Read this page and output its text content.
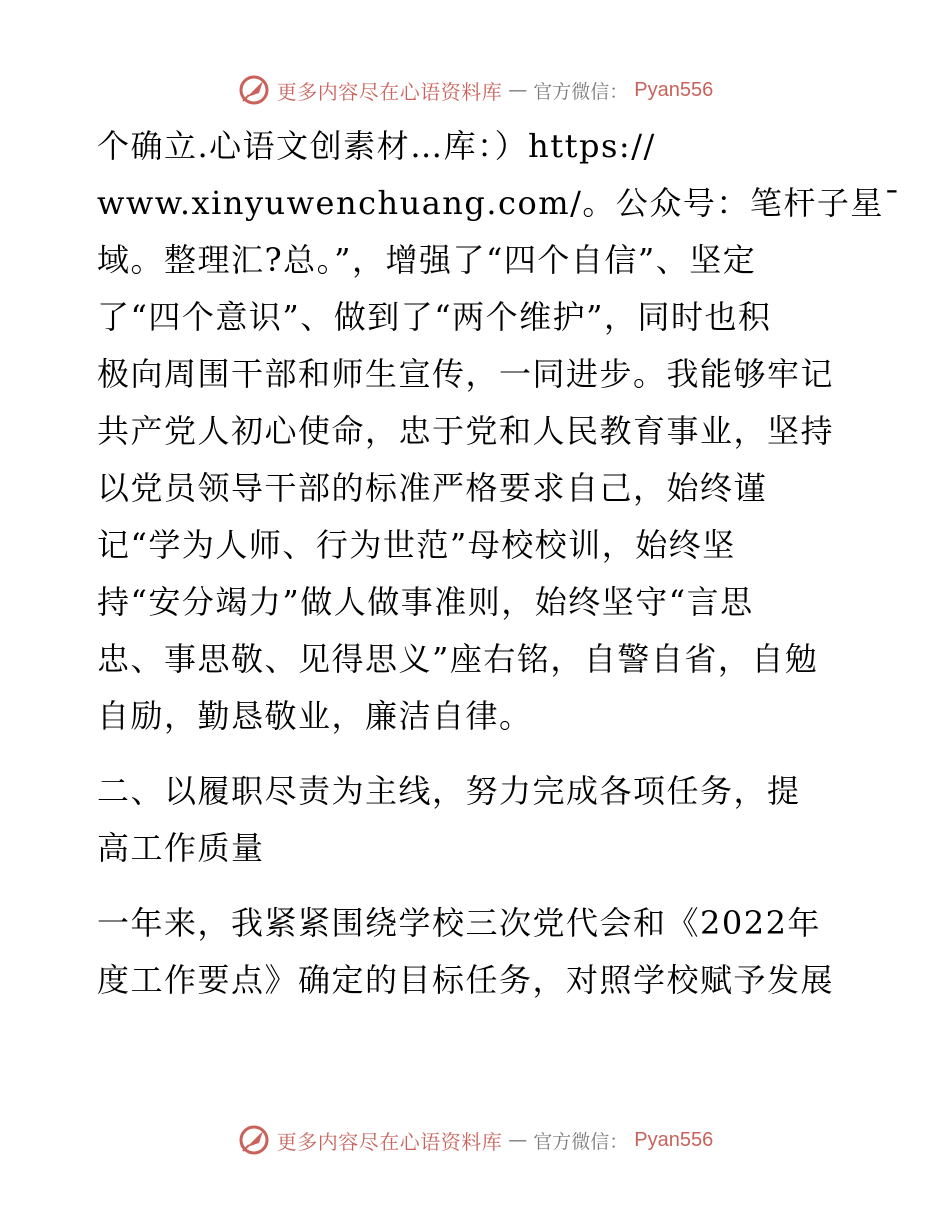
更多内容尽在心语资料库 — 官方微信： Pyan556
个确立.心语文创素材…库：）https://
www.xinyuwenchuang.com/。公众号：笔杆子星¯
域。整理汇?总。”，增强了“四个自信”、坚定
了“四个意识”、做到了“两个维护”，同时也积
极向周围干部和师生宣传，一同进步。我能够牢记
共产党人初心使命，忠于党和人民教育事业，坚持
以党员领导干部的标准严格要求自己，始终谨
记“学为人师、行为世范”母校校训，始终坚
持“安分竭力”做人做事准则，始终坚守“言思
忠、事思敬、见得思义”座右铭，自警自省，自勉
自励，勤恳敬业，廉洁自律。
二、以履职尽责为主线，努力完成各项任务，提
高工作质量
一年来，我紧紧围绕学校三次党代会和《2022年
度工作要点》确定的目标任务，对照学校赋予发展
更多内容尽在心语资料库 — 官方微信： Pyan556
